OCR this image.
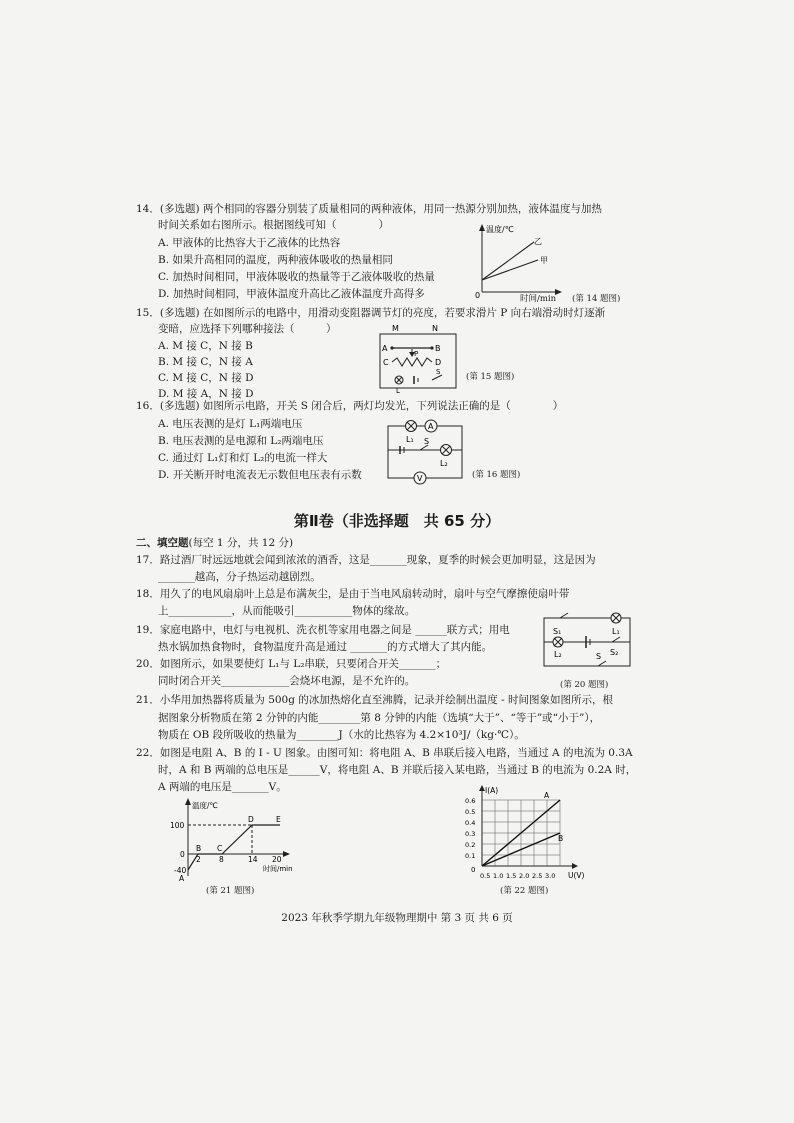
14．(多选题) 两个相同的容器分别装了质量相同的两种液体，用同一热源分别加热，液体温度与加热
时间关系如右图所示。根据图线可知（　　　　）
A. 甲液体的比热容大于乙液体的比热容
B. 如果升高相同的温度，两种液体吸收的热量相同
C. 加热时间相同，甲液体吸收的热量等于乙液体吸收的热量
D. 加热时间相同，甲液体温度升高比乙液体温度升高得多
温度/℃
0
乙
甲
时间/min (第 14 题图)
15．(多选题) 在如图所示的电路中，用滑动变阻器调节灯的亮度，若要求滑片 P 向右端滑动时灯逐渐
变暗，应选择下列哪种接法（　　　）
A. M 接 C，N 接 B
B. M 接 C，N 接 A
C. M 接 C，N 接 D
D. M 接 A，N 接 D
M	N
A	B
C	D
P
L
S	(第 15 题图)
16．(多选题) 如图所示电路，开关 S 闭合后，两灯均发光，下列说法正确的是（　　　　）
A. 电压表测的是灯 L₁两端电压
B. 电压表测的是电源和 L₂两端电压
C. 通过灯 L₁灯和灯 L₂的电流一样大
D. 开关断开时电流表无示数但电压表有示数
A
V
L₁ S
L₂
(第 16 题图)
第Ⅱ卷（非选择题　共 65 分）
二、填空题(每空 1 分，共 12 分)
17．路过酒厂时远远地就会闻到浓浓的酒香，这是_______现象，夏季的时候会更加明显，这是因为
_______越高，分子热运动越剧烈。
18．用久了的电风扇扇叶上总是布满灰尘，是由于当电风扇转动时，扇叶与空气摩擦使扇叶带
上____________，从而能吸引___________物体的缘故。
19．家庭电路中，电灯与电视机、洗衣机等家用电器之间是 ______联方式；用电
热水锅加热食物时，食物温度升高是通过 _______的方式增大了其内能。
20．如图所示，如果要使灯 L₁与 L₂串联，只要闭合开关_______；
同时闭合开关_____________会烧坏电源，是不允许的。
S₁	L₁
L₂	S₂
S
(第 20 题图)
21．小华用加热器将质量为 500g 的冰加热熔化直至沸腾，记录并绘制出温度 - 时间图象如图所示，根
据图象分析物质在第 2 分钟的内能________第 8 分钟的内能（选填“大于”、“等于”或“小于”），
物质在 OB 段所吸收的热量为________J（水的比热容为 4.2×10³J/（kg·℃）。
22．如图是电阻 A、B 的 I - U 图象。由图可知：将电阻 A、B 串联后接入电路，当通过 A 的电流为 0.3A
时，A 和 B 两端的总电压是______V，将电阻 A、B 并联后接入某电路，当通过 B 的电流为 0.2A 时，
A 两端的电压是_______V。
温度/℃
100
0
-40
2 8	14 20
时间/min
B C
D	E
A
(第 21 题图)
I(A)
U(V)
0
0.6
0.5
0.4
0.3
0.2
0.1
0.5 1.0 1.5 2.0 2.5 3.0
A
B
(第 22 题图)
2023 年秋季学期九年级物理期中 第 3 页 共 6 页
